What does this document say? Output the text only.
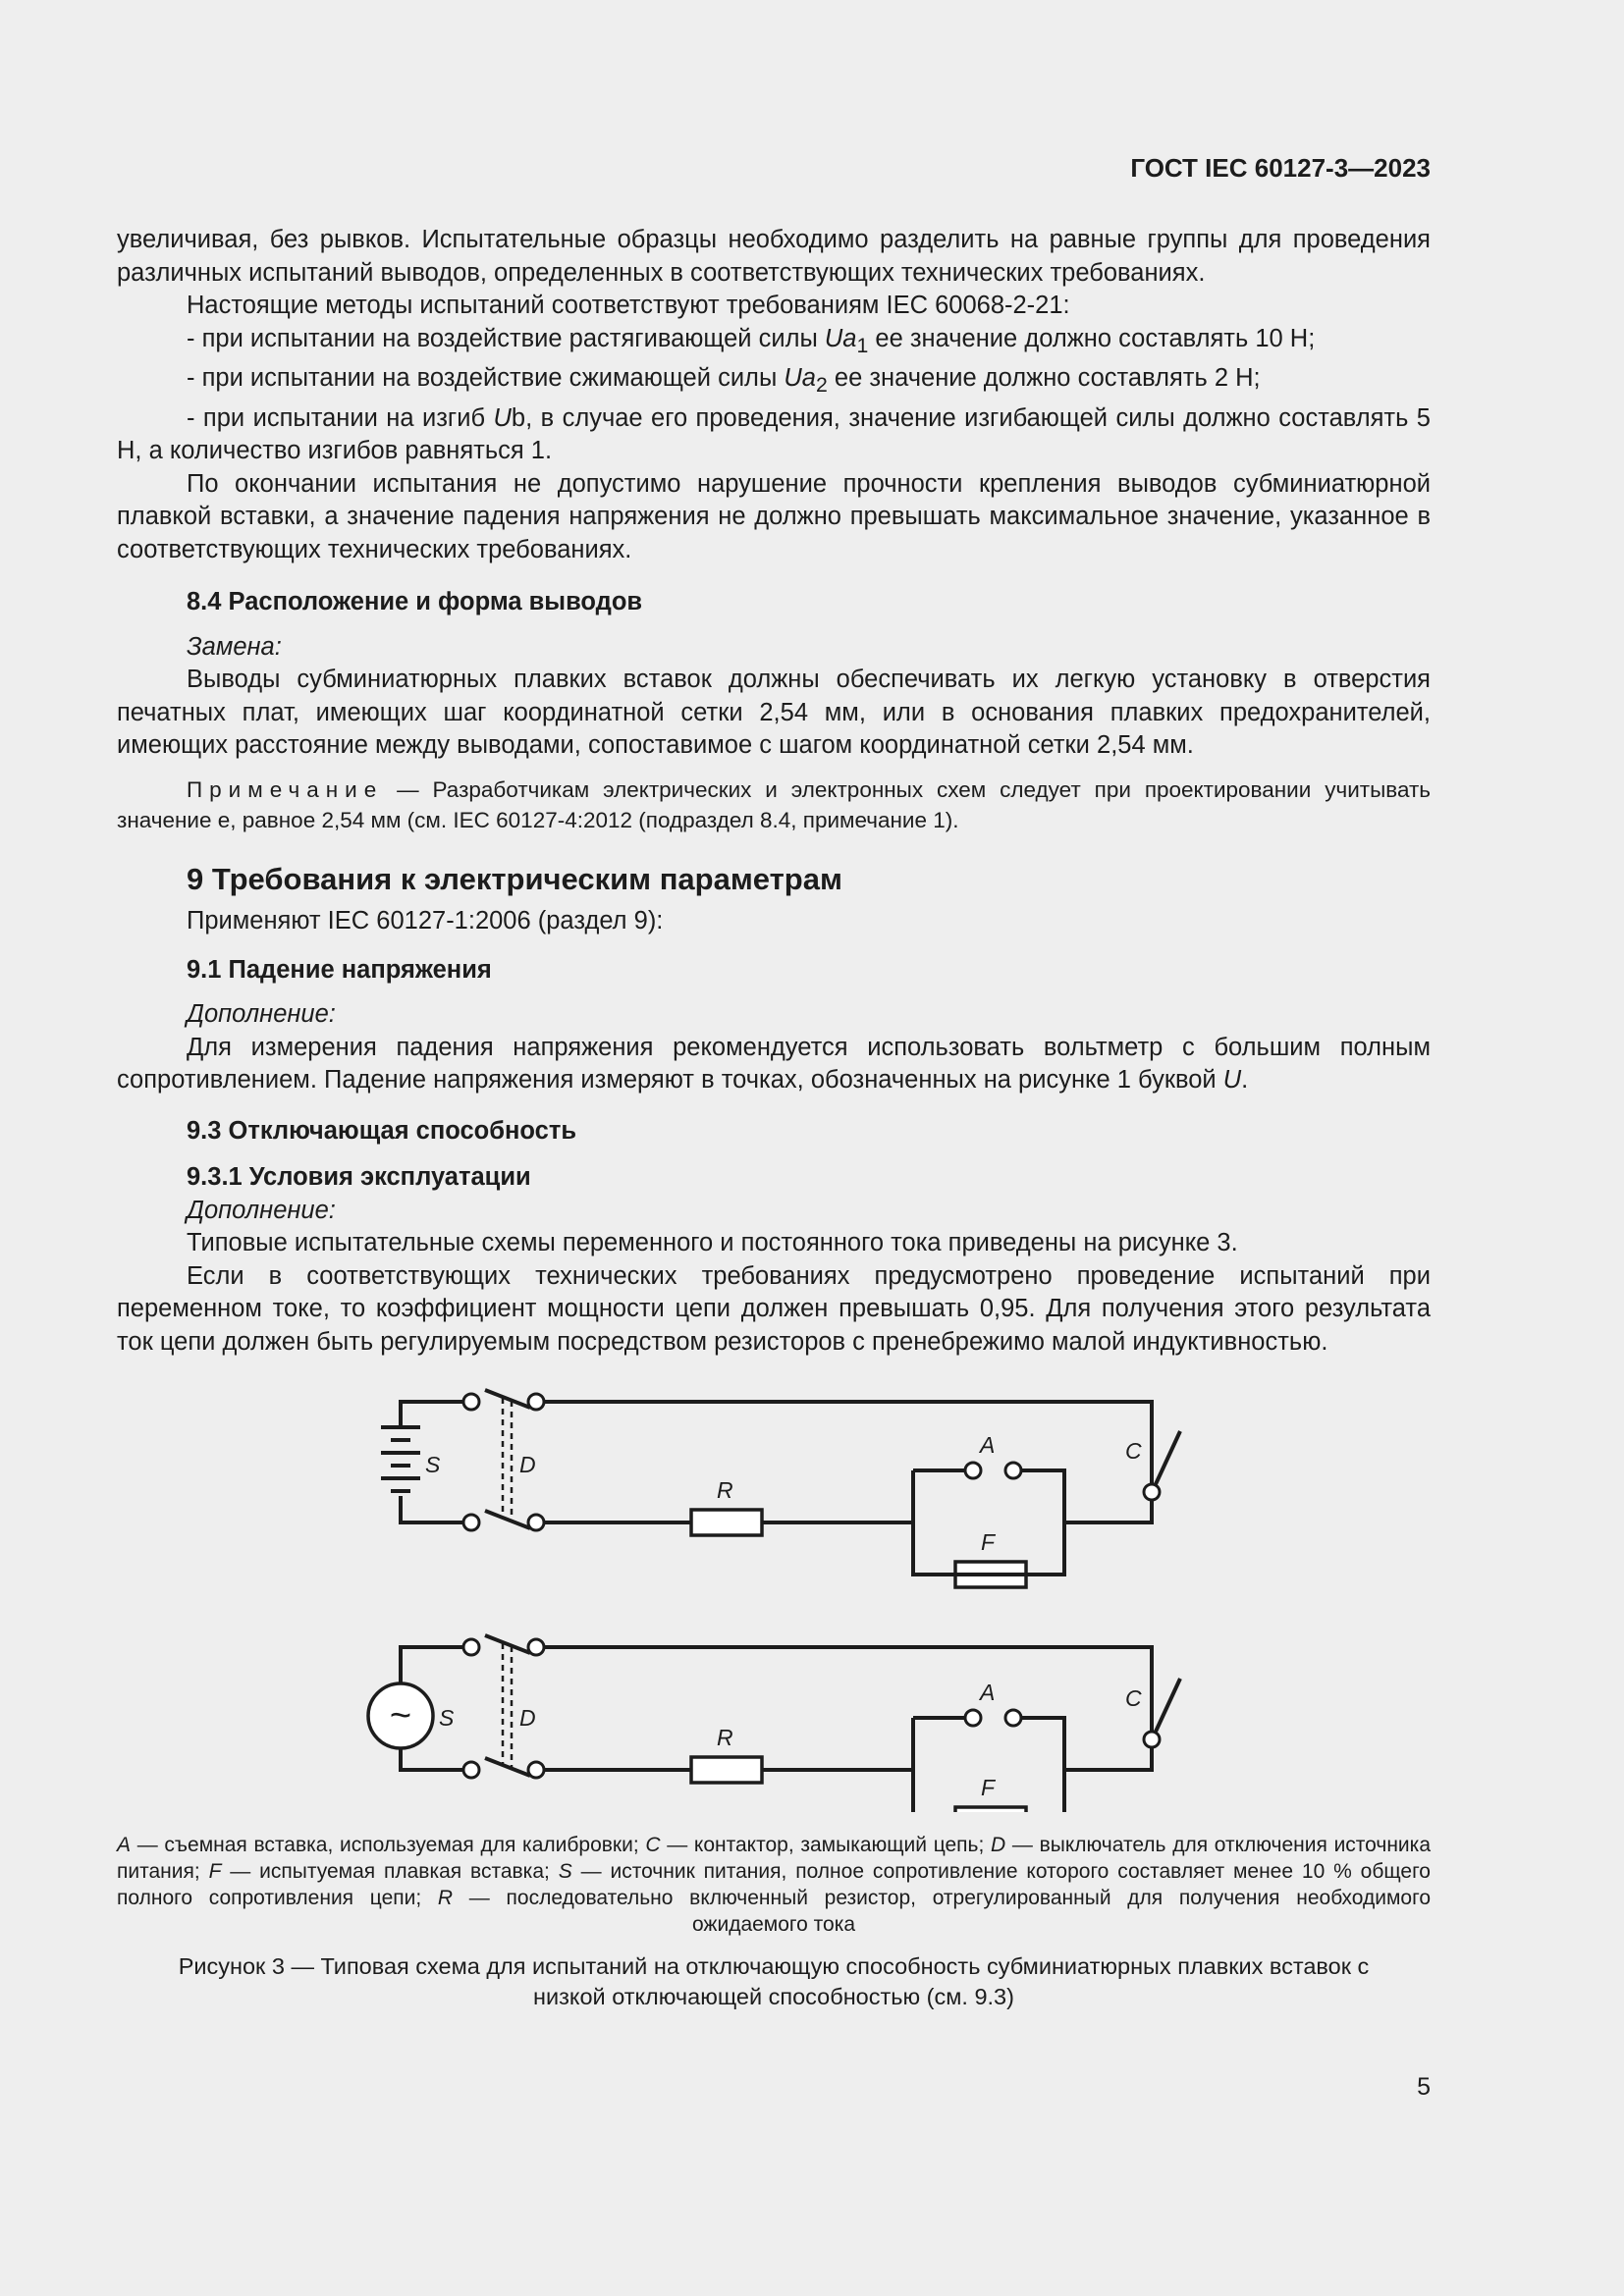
ГОСТ IEC 60127-3—2023

увеличивая, без рывков. Испытательные образцы необходимо разделить на равные группы для проведения различных испытаний выводов, определенных в соответствующих технических требованиях.

Настоящие методы испытаний соответствуют требованиям IEC 60068-2-21:

- при испытании на воздействие растягивающей силы $Ua_1$ ее значение должно составлять 10 Н;

- при испытании на воздействие сжимающей силы $Ua_2$ ее значение должно составлять 2 Н;

- при испытании на изгиб Ub, в случае его проведения, значение изгибающей силы должно составлять 5 Н, а количество изгибов равняться 1.

По окончании испытания не допустимо нарушение прочности крепления выводов субминиатюрной плавкой вставки, а значение падения напряжения не должно превышать максимальное значение, указанное в соответствующих технических требованиях.

8.4 Расположение и форма выводов

Замена:

Выводы субминиатюрных плавких вставок должны обеспечивать их легкую установку в отверстия печатных плат, имеющих шаг координатной сетки 2,54 мм, или в основания плавких предохранителей, имеющих расстояние между выводами, сопоставимое с шагом координатной сетки 2,54 мм.

Примечание — Разработчикам электрических и электронных схем следует при проектировании учитывать значение e, равное 2,54 мм (см. IEC 60127-4:2012 (подраздел 8.4, примечание 1).

9 Требования к электрическим параметрам

Применяют IEC 60127-1:2006 (раздел 9):

9.1 Падение напряжения

Дополнение:

Для измерения падения напряжения рекомендуется использовать вольтметр с большим полным сопротивлением. Падение напряжения измеряют в точках, обозначенных на рисунке 1 буквой U.

9.3 Отключающая способность

9.3.1 Условия эксплуатации

Дополнение:

Типовые испытательные схемы переменного и постоянного тока приведены на рисунке 3.

Если в соответствующих технических требованиях предусмотрено проведение испытаний при переменном токе, то коэффициент мощности цепи должен превышать 0,95. Для получения этого результата ток цепи должен быть регулируемым посредством резисторов с пренебрежимо малой индуктивностью.

S	D
R
A
F
C
~ S	D
R
A
F
C

A — съемная вставка, используемая для калибровки; C — контактор, замыкающий цепь; D — выключатель для отключения источника питания; F — испытуемая плавкая вставка; S — источник питания, полное сопротивление которого составляет менее 10 % общего полного сопротивления цепи; R — последовательно включенный резистор, отрегулированный для получения необходимого ожидаемого тока

Рисунок 3 — Типовая схема для испытаний на отключающую способность субминиатюрных плавких вставок с низкой отключающей способностью (см. 9.3)

5
